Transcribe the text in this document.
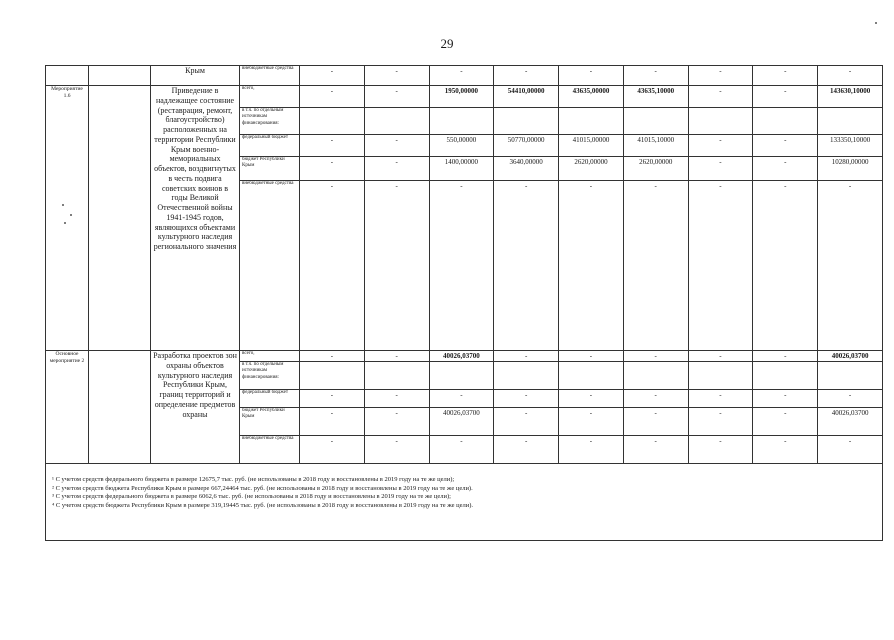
29
		Крым	внебюджетные средства	-	-	-	-	-	-	-	-	-
Мероприятие 1.6		Приведение в надлежащее состояние (реставрация, ремонт, благоустройство) расположенных на территории Республики Крым военно-мемориальных объектов, воздвигнутых в честь подвига советских воинов в годы Великой Отечественной войны 1941-1945 годов, являющихся объектами культурного наследия регионального значения	всего,	-	-	1950,00000	54410,00000	43635,00000	43635,10000	-	-	143630,10000
			в т.ч. по отдельным источникам финансирования:									
			федеральный бюджет	-	-	550,00000	50770,00000	41015,00000	41015,10000	-	-	133350,10000
			бюджет Республики Крым	-	-	1400,00000	3640,00000	2620,00000	2620,00000	-	-	10280,00000
			внебюджетные средства	-	-	-	-	-	-	-	-	-
Основное мероприятие 2		Разработка проектов зон охраны объектов культурного наследия Республики Крым, границ территорий и определение предметов охраны	всего,	-	-	40026,03700	-	-	-	-	-	40026,03700
			в т.ч. по отдельным источникам финансирования:									
			федеральный бюджет	-	-	-	-	-	-	-	-	-
			бюджет Республики Крым	-	-	40026,03700	-	-	-	-	-	40026,03700
			внебюджетные средства	-	-	-	-	-	-	-	-	-
¹ С учетом средств федерального бюджета в размере 12675,7 тыс. руб. (не использованы в 2018 году и восстановлены в 2019 году на те же цели);
² С учетом средств бюджета Республики Крым в размере 667,24464 тыс. руб. (не использованы в 2018 году и восстановлены в 2019 году на те же цели).
³ С учетом средств федерального бюджета в размере 6062,6 тыс. руб. (не использованы в 2018 году и восстановлены в 2019 году на те же цели);
⁴ С учетом средств бюджета Республики Крым в размере 319,19445 тыс. руб. (не использованы в 2018 году и восстановлены в 2019 году на те же цели).
